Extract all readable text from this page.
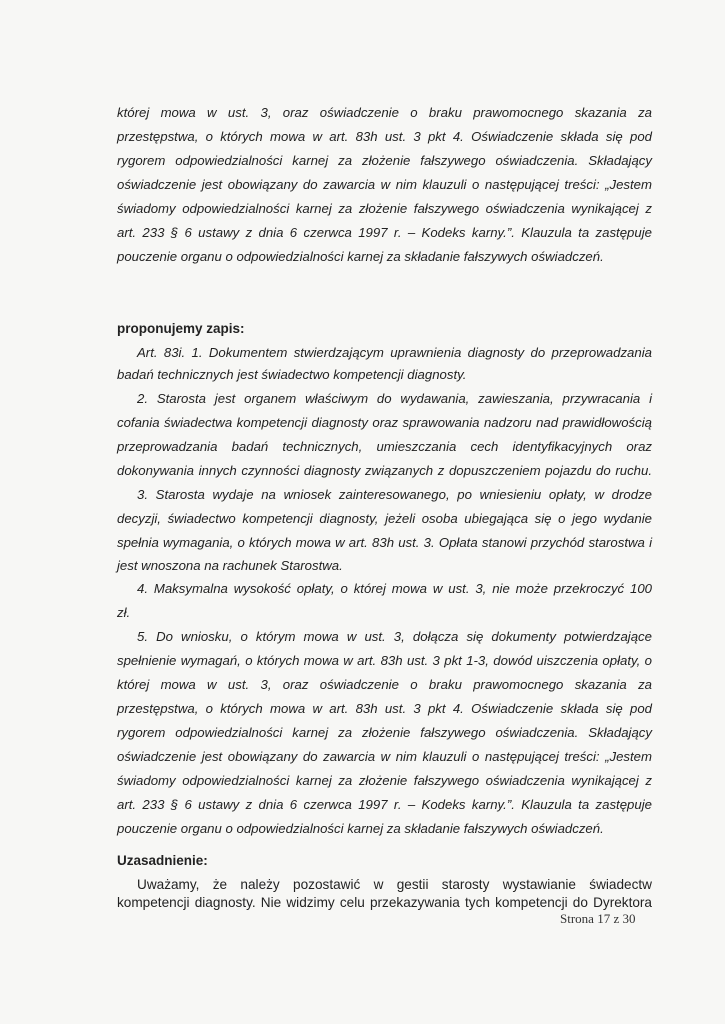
której mowa w ust. 3, oraz oświadczenie o braku prawomocnego skazania za
przestępstwa, o których mowa w art. 83h ust. 3 pkt 4. Oświadczenie składa się pod
rygorem odpowiedzialności karnej za złożenie fałszywego oświadczenia. Składający
oświadczenie jest obowiązany do zawarcia w nim klauzuli o następującej treści: „Jestem
świadomy odpowiedzialności karnej za złożenie fałszywego oświadczenia wynikającej z
art. 233 § 6 ustawy z dnia 6 czerwca 1997 r. – Kodeks karny.”. Klauzula ta zastępuje
pouczenie organu o odpowiedzialności karnej za składanie fałszywych oświadczeń.
proponujemy zapis:
Art. 83i. 1. Dokumentem stwierdzającym uprawnienia diagnosty do przeprowadzania
badań technicznych jest świadectwo kompetencji diagnosty.
2. Starosta jest organem właściwym do wydawania, zawieszania, przywracania i
cofania świadectwa kompetencji diagnosty oraz sprawowania nadzoru nad prawidłowością
przeprowadzania badań technicznych, umieszczania cech identyfikacyjnych oraz
dokonywania innych czynności diagnosty związanych z dopuszczeniem pojazdu do ruchu.
3. Starosta wydaje na wniosek zainteresowanego, po wniesieniu opłaty, w drodze
decyzji, świadectwo kompetencji diagnosty, jeżeli osoba ubiegająca się o jego wydanie
spełnia wymagania, o których mowa w art. 83h ust. 3. Opłata stanowi przychód starostwa i
jest wnoszona na rachunek Starostwa.
4. Maksymalna wysokość opłaty, o której mowa w ust. 3, nie może przekroczyć 100
zł.
5. Do wniosku, o którym mowa w ust. 3, dołącza się dokumenty potwierdzające
spełnienie wymagań, o których mowa w art. 83h ust. 3 pkt 1-3, dowód uiszczenia opłaty, o
której mowa w ust. 3, oraz oświadczenie o braku prawomocnego skazania za
przestępstwa, o których mowa w art. 83h ust. 3 pkt 4. Oświadczenie składa się pod
rygorem odpowiedzialności karnej za złożenie fałszywego oświadczenia. Składający
oświadczenie jest obowiązany do zawarcia w nim klauzuli o następującej treści: „Jestem
świadomy odpowiedzialności karnej za złożenie fałszywego oświadczenia wynikającej z
art. 233 § 6 ustawy z dnia 6 czerwca 1997 r. – Kodeks karny.”. Klauzula ta zastępuje
pouczenie organu o odpowiedzialności karnej za składanie fałszywych oświadczeń.
Uzasadnienie:
Uważamy, że należy pozostawić w gestii starosty wystawianie świadectw
kompetencji diagnosty. Nie widzimy celu przekazywania tych kompetencji do Dyrektora
Strona 17 z 30
